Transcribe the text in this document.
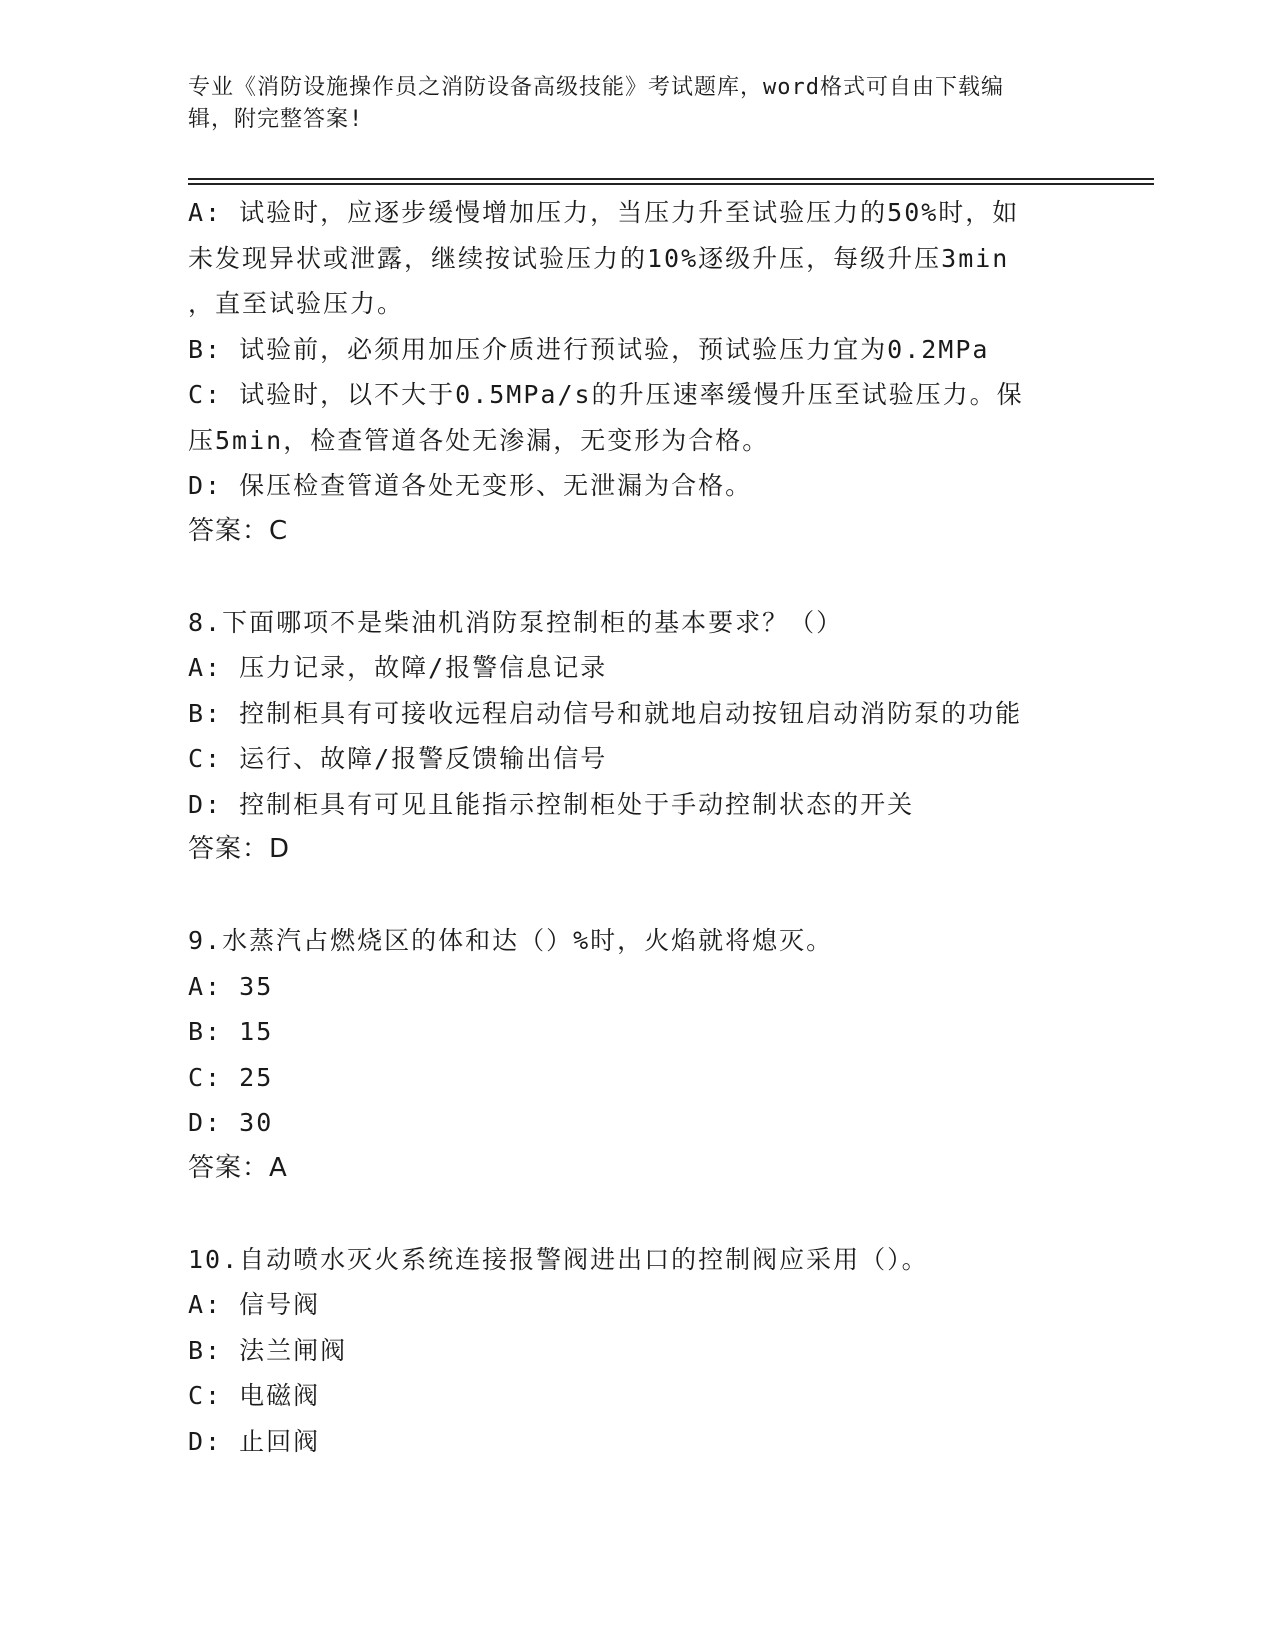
专业《消防设施操作员之消防设备高级技能》考试题库，word格式可自由下载编
辑，附完整答案!
A: 试验时，应逐步缓慢增加压力，当压力升至试验压力的50%时，如
未发现异状或泄露，继续按试验压力的10%逐级升压，每级升压3min
，直至试验压力。
B: 试验前，必须用加压介质进行预试验，预试验压力宜为0.2MPa
C: 试验时，以不大于0.5MPa/s的升压速率缓慢升压至试验压力。保
压5min，检查管道各处无渗漏，无变形为合格。
D: 保压检查管道各处无变形、无泄漏为合格。
答案：C
8.下面哪项不是柴油机消防泵控制柜的基本要求？（）
A: 压力记录，故障/报警信息记录
B: 控制柜具有可接收远程启动信号和就地启动按钮启动消防泵的功能
C: 运行、故障/报警反馈输出信号
D: 控制柜具有可见且能指示控制柜处于手动控制状态的开关
答案：D
9.水蒸汽占燃烧区的体和达（）%时，火焰就将熄灭。
A: 35
B: 15
C: 25
D: 30
答案：A
10.自动喷水灭火系统连接报警阀进出口的控制阀应采用（）。
A: 信号阀
B: 法兰闸阀
C: 电磁阀
D: 止回阀
